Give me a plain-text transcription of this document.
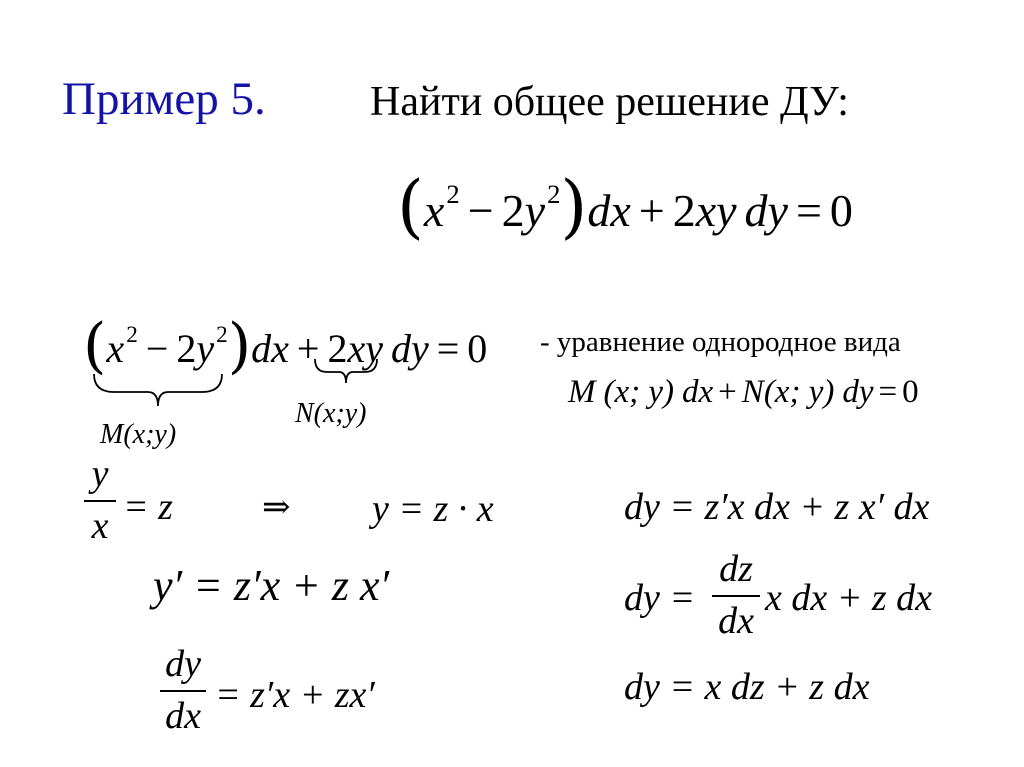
Пример 5. Найти общее решение ДУ:
$(x^2 - 2y^2)dx + 2xy$ dy = 0
$(x^2 - 2y^2)dx + 2xy$ dy = 0
M(x;y)
N(x;y)
- уравнение однородное вида
M (x; y) dx + N(x; y) dy = 0
y
x = z	⇒ y = z · x
y′ = z′x + z x′
dy
dx = z′x + zx′
dy = z′x dx + z x′ dx
dy =
dz
dx
x dx + z dx
dy = x dz + z dx
